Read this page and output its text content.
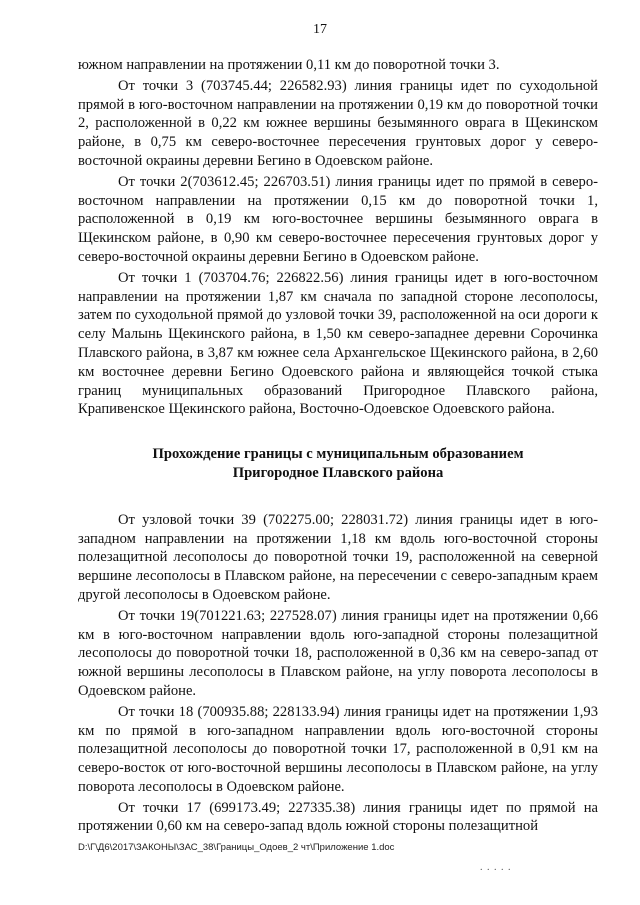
17

южном направлении на протяжении 0,11 км до поворотной точки 3.

От точки 3 (703745.44; 226582.93) линия границы идет по суходольной прямой в юго-восточном направлении на протяжении 0,19 км до поворотной точки 2, расположенной в 0,22 км южнее вершины безымянного оврага в Щекинском районе, в 0,75 км северо-восточнее пересечения грунтовых дорог у северо-восточной окраины деревни Бегино в Одоевском районе.

От точки 2(703612.45; 226703.51) линия границы идет по прямой в северо-восточном направлении на протяжении 0,15 км до поворотной точки 1, расположенной в 0,19 км юго-восточнее вершины безымянного оврага в Щекинском районе, в 0,90 км северо-восточнее пересечения грунтовых дорог у северо-восточной окраины деревни Бегино в Одоевском районе.

От точки 1 (703704.76; 226822.56) линия границы идет в юго-восточном направлении на протяжении 1,87 км сначала по западной стороне лесополосы, затем по суходольной прямой до узловой точки 39, расположенной на оси дороги к селу Малынь Щекинского района, в 1,50 км северо-западнее деревни Сорочинка Плавского района, в 3,87 км южнее села Архангельское Щекинского района, в 2,60 км восточнее деревни Бегино Одоевского района и являющейся точкой стыка границ муниципальных образований Пригородное Плавского района, Крапивенское Щекинского района, Восточно-Одоевское Одоевского района.

Прохождение границы с муниципальным образованием
Пригородное Плавского района

От узловой точки 39 (702275.00; 228031.72) линия границы идет в юго-западном направлении на протяжении 1,18 км вдоль юго-восточной стороны полезащитной лесополосы до поворотной точки 19, расположенной на северной вершине лесополосы в Плавском районе, на пересечении с северо-западным краем другой лесополосы в Одоевском районе.

От точки 19(701221.63; 227528.07) линия границы идет на протяжении 0,66 км в юго-восточном направлении вдоль юго-западной стороны полезащитной лесополосы до поворотной точки 18, расположенной в 0,36 км на северо-запад от южной вершины лесополосы в Плавском районе, на углу поворота лесополосы в Одоевском районе.

От точки 18 (700935.88; 228133.94) линия границы идет на протяжении 1,93 км по прямой в юго-западном направлении вдоль юго-восточной стороны полезащитной лесополосы до поворотной точки 17, расположенной в 0,91 км на северо-восток от юго-восточной вершины лесополосы в Плавском районе, на углу поворота лесополосы в Одоевском районе.

От точки 17 (699173.49; 227335.38) линия границы идет по прямой на протяжении 0,60 км на северо-запад вдоль южной стороны полезащитной

D:\Г\Д6\2017\ЗАКОНЫ\ЗАС_38\Границы_Одоев_2 чт\Приложение 1.doc
. . . . .
